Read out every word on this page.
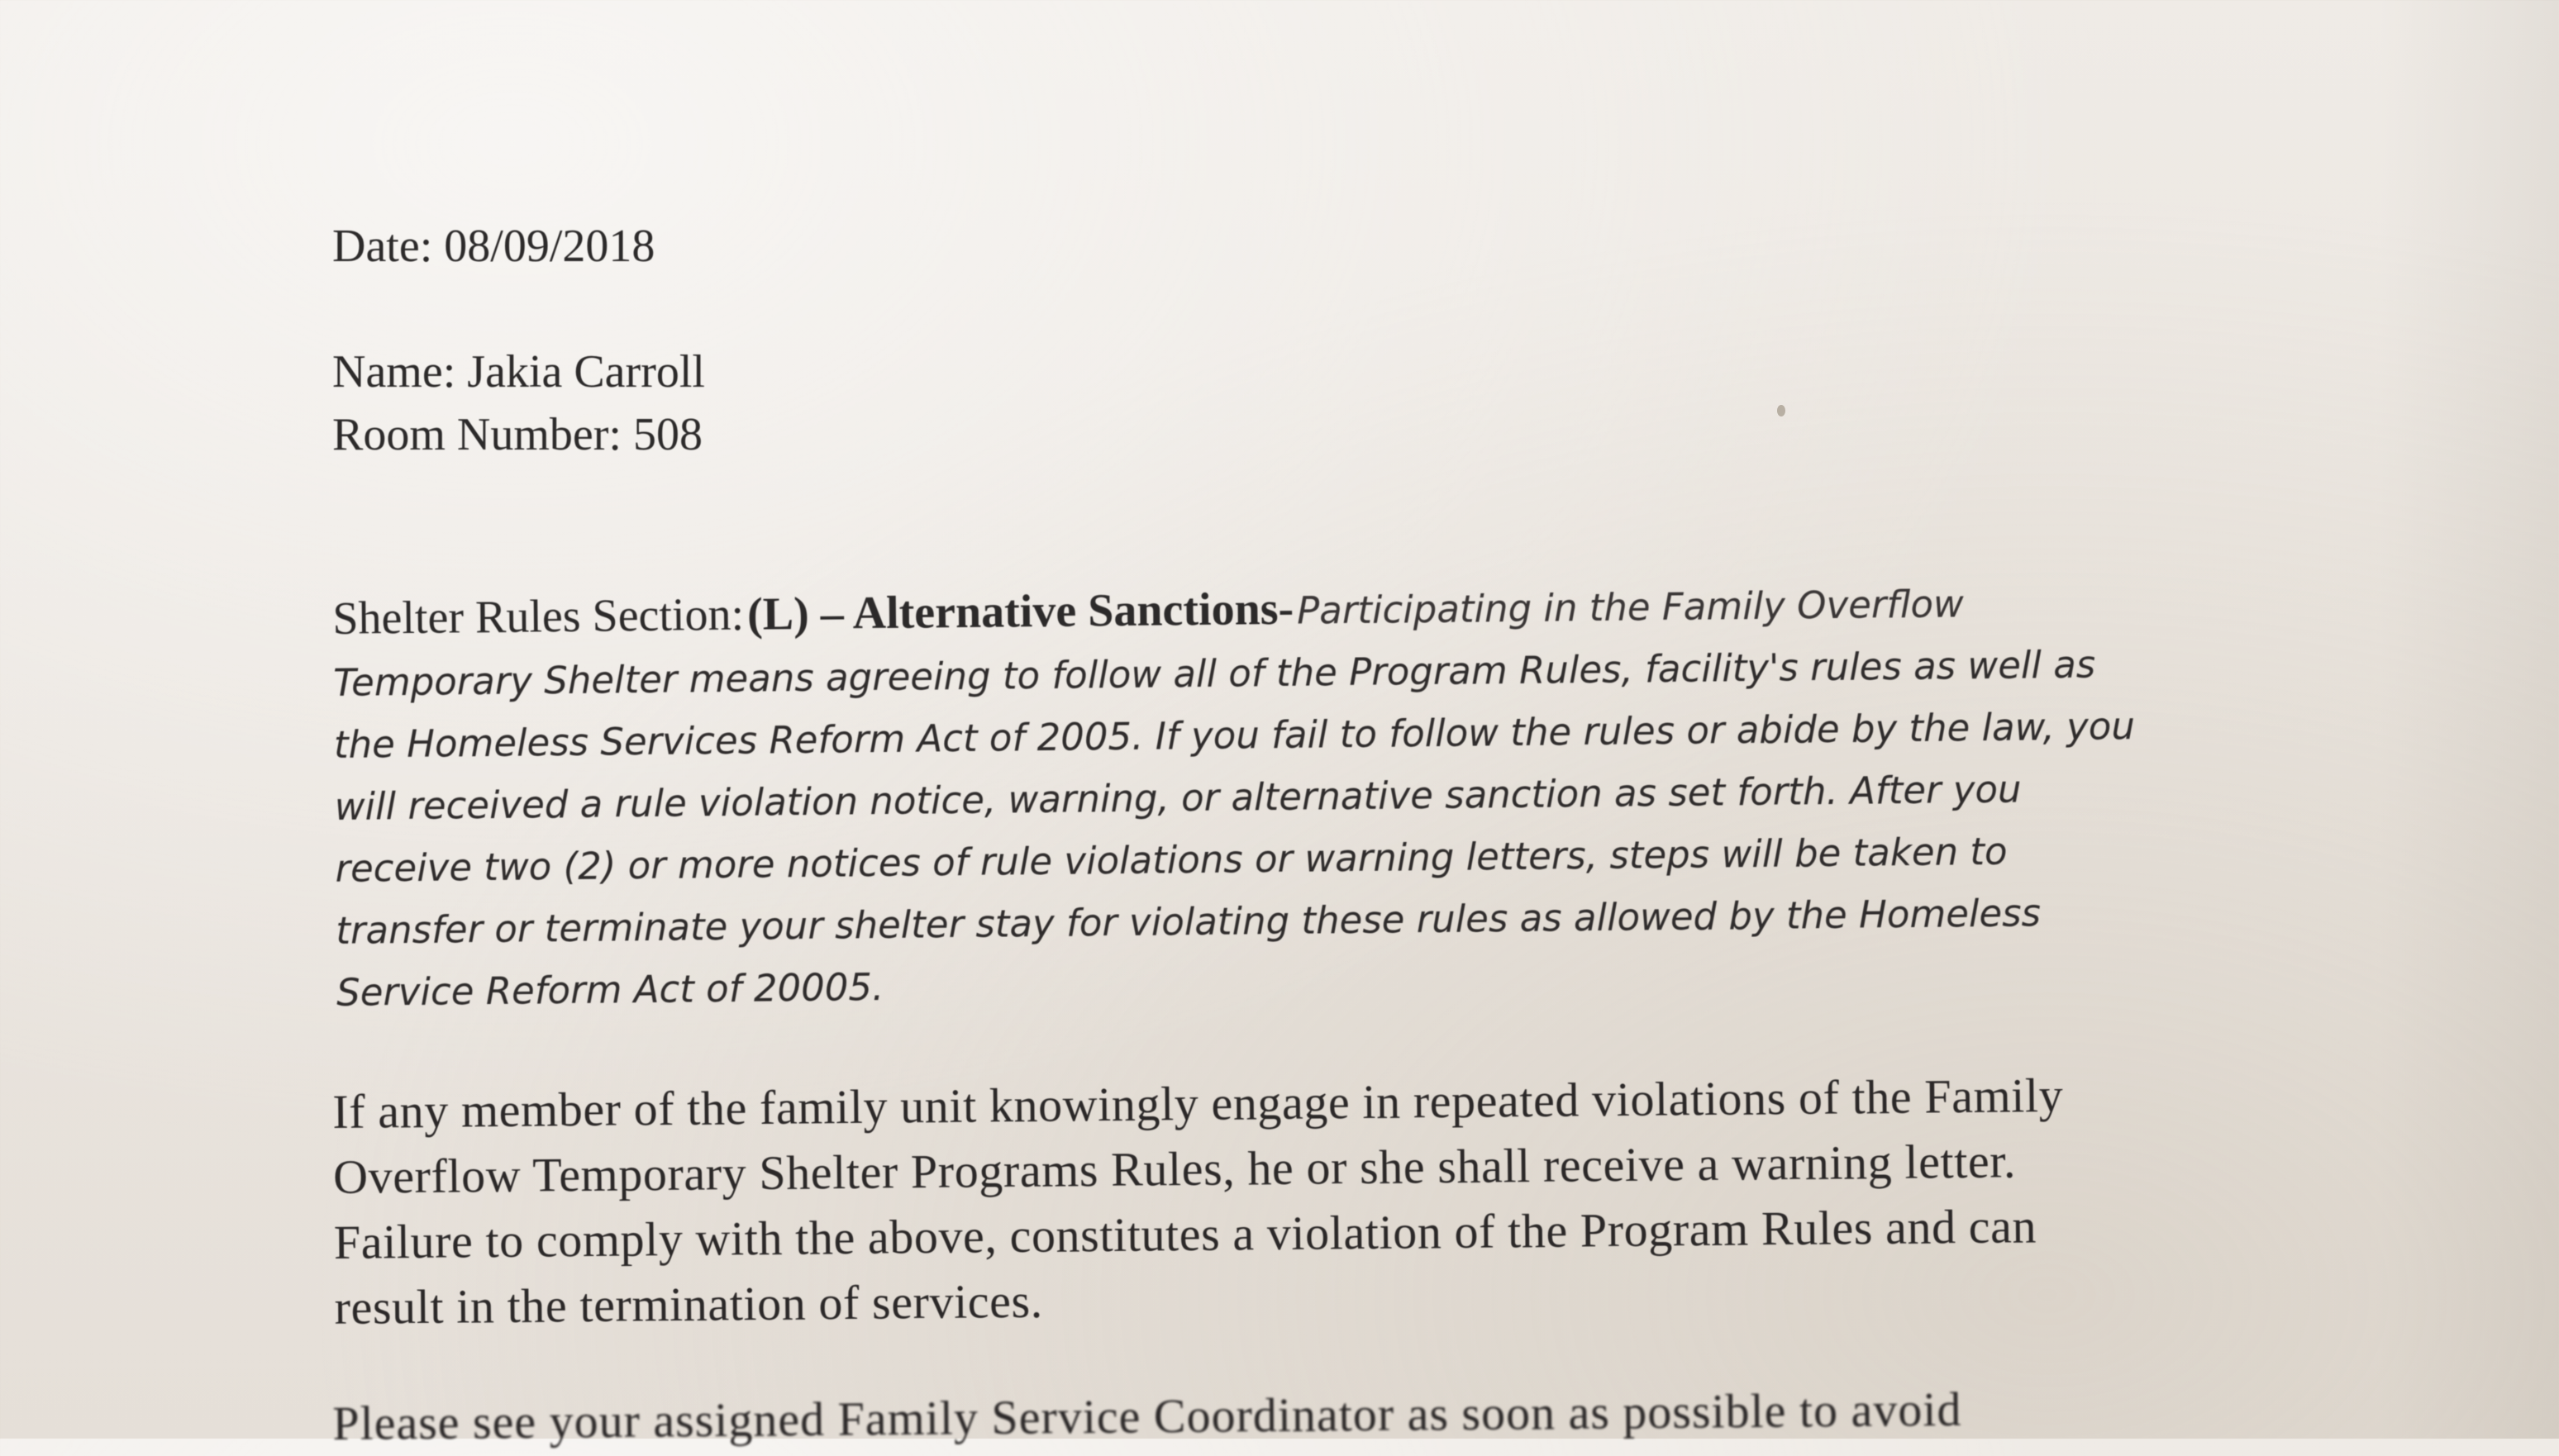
Date: 08/09/2018
Name: Jakia Carroll
Room Number: 508
Shelter Rules Section: (L) – Alternative Sanctions- Participating in the Family Overflow
Temporary Shelter means agreeing to follow all of the Program Rules, facility's rules as well as
the Homeless Services Reform Act of 2005. If you fail to follow the rules or abide by the law, you
will received a rule violation notice, warning, or alternative sanction as set forth. After you
receive two (2) or more notices of rule violations or warning letters, steps will be taken to
transfer or terminate your shelter stay for violating these rules as allowed by the Homeless
Service Reform Act of 20005.
If any member of the family unit knowingly engage in repeated violations of the Family
Overflow Temporary Shelter Programs Rules, he or she shall receive a warning letter.
Failure to comply with the above, constitutes a violation of the Program Rules and can
result in the termination of services.
Please see your assigned Family Service Coordinator as soon as possible to avoid
